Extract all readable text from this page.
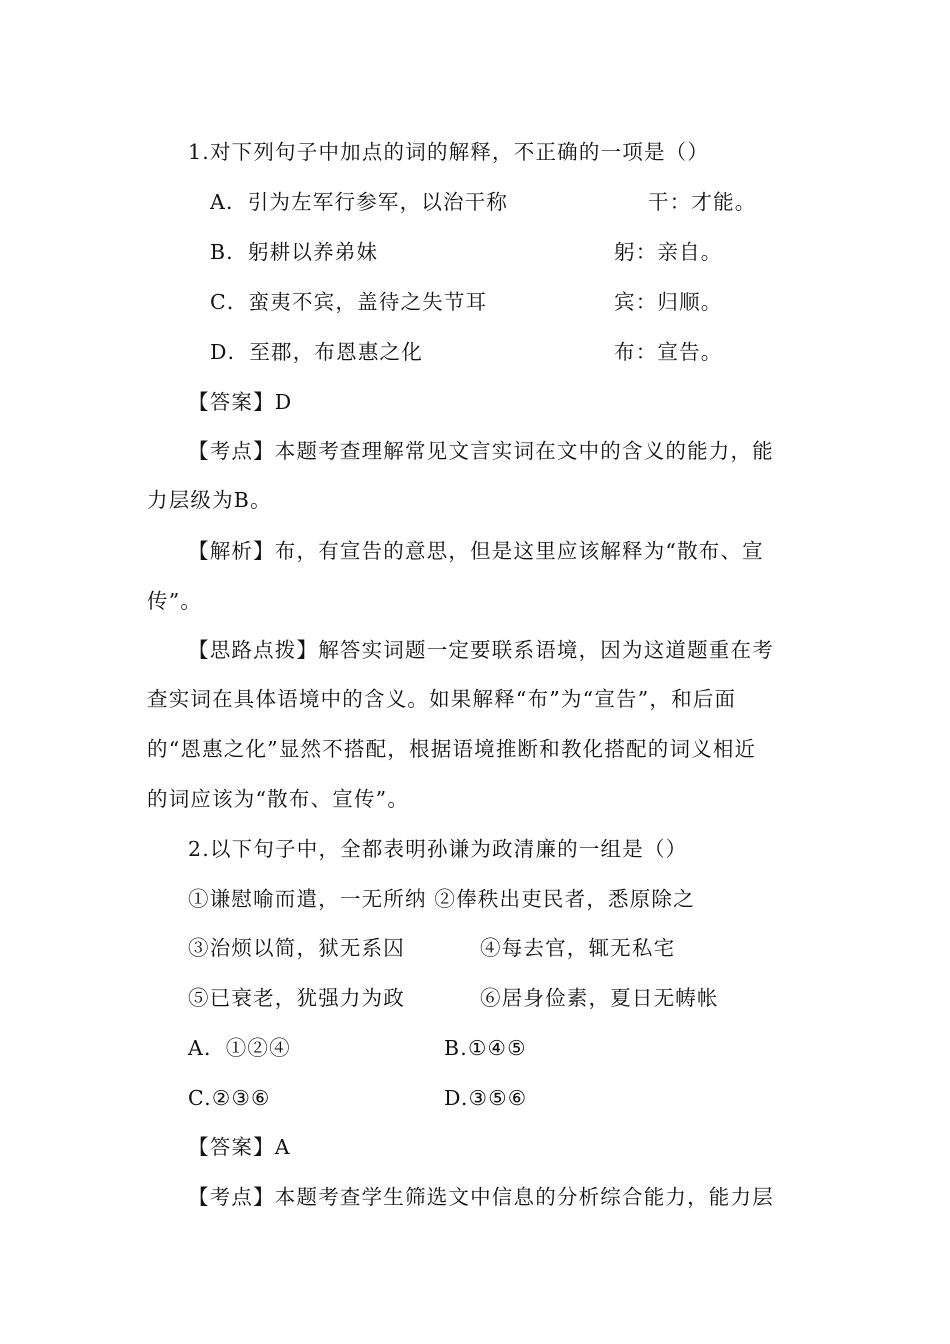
1.对下列句子中加点的词的解释，不正确的一项是（）
A．引为左军行参军，以治干称	干：才能。
B．躬耕以养弟妹	躬：亲自。
C．蛮夷不宾，盖待之失节耳	宾：归顺。
D．至郡，布恩惠之化	布：宣告。
【答案】D
【考点】本题考查理解常见文言实词在文中的含义的能力，能
力层级为B。
【解析】布，有宣告的意思，但是这里应该解释为“散布、宣
传”。
【思路点拨】解答实词题一定要联系语境，因为这道题重在考
查实词在具体语境中的含义。如果解释“布”为“宣告”，和后面
的“恩惠之化”显然不搭配，根据语境推断和教化搭配的词义相近
的词应该为“散布、宣传”。
2.以下句子中，全都表明孙谦为政清廉的一组是（）
①谦慰喻而遣，一无所纳 ②俸秩出吏民者，悉原除之
③治烦以简，狱无系囚	④每去官，辄无私宅
⑤已衰老，犹强力为政	⑥居身俭素，夏日无帱帐
A．①②④	B.①④⑤
C.②③⑥	D.③⑤⑥
【答案】A
【考点】本题考查学生筛选文中信息的分析综合能力，能力层
